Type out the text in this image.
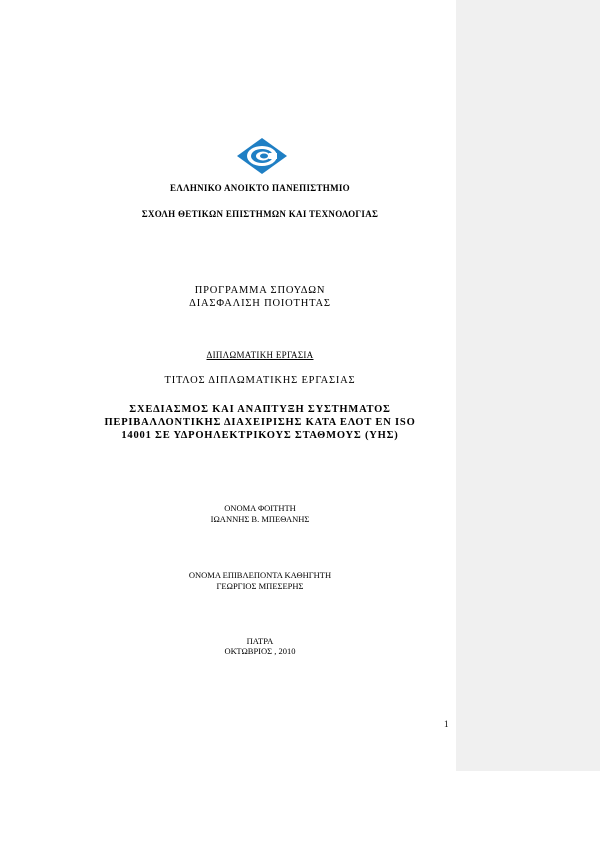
ΕΛΛΗΝΙΚΟ ΑΝΟΙΚΤΟ ΠΑΝΕΠΙΣΤΗΜΙΟ
ΣΧΟΛΗ ΘΕΤΙΚΩΝ ΕΠΙΣΤΗΜΩΝ ΚΑΙ ΤΕΧΝΟΛΟΓΙΑΣ
ΠΡΟΓΡΑΜΜΑ ΣΠΟΥΔΩΝ
ΔΙΑΣΦΑΛΙΣΗ ΠΟΙΟΤΗΤΑΣ
ΔΙΠΛΩΜΑΤΙΚΗ ΕΡΓΑΣΙΑ
ΤΙΤΛΟΣ ΔΙΠΛΩΜΑΤΙΚΗΣ ΕΡΓΑΣΙΑΣ
ΣΧΕΔΙΑΣΜΟΣ ΚΑΙ ΑΝΑΠΤΥΞΗ ΣΥΣΤΗΜΑΤΟΣ
ΠΕΡΙΒΑΛΛΟΝΤΙΚΗΣ ΔΙΑΧΕΙΡΙΣΗΣ ΚΑΤΑ ΕΛΟΤ ΕΝ ISO
14001 ΣΕ ΥΔΡΟΗΛΕΚΤΡΙΚΟΥΣ ΣΤΑΘΜΟΥΣ (ΥΗΣ)
ΟΝΟΜΑ ΦΟΙΤΗΤΗ
ΙΩΑΝΝΗΣ Β. ΜΠΕΘΑΝΗΣ
ΟΝΟΜΑ ΕΠΙΒΛΕΠΟΝΤΑ ΚΑΘΗΓΗΤΗ
ΓΕΩΡΓΙΟΣ ΜΠΕΣΕΡΗΣ
ΠΑΤΡΑ
ΟΚΤΩΒΡΙΟΣ , 2010
1
